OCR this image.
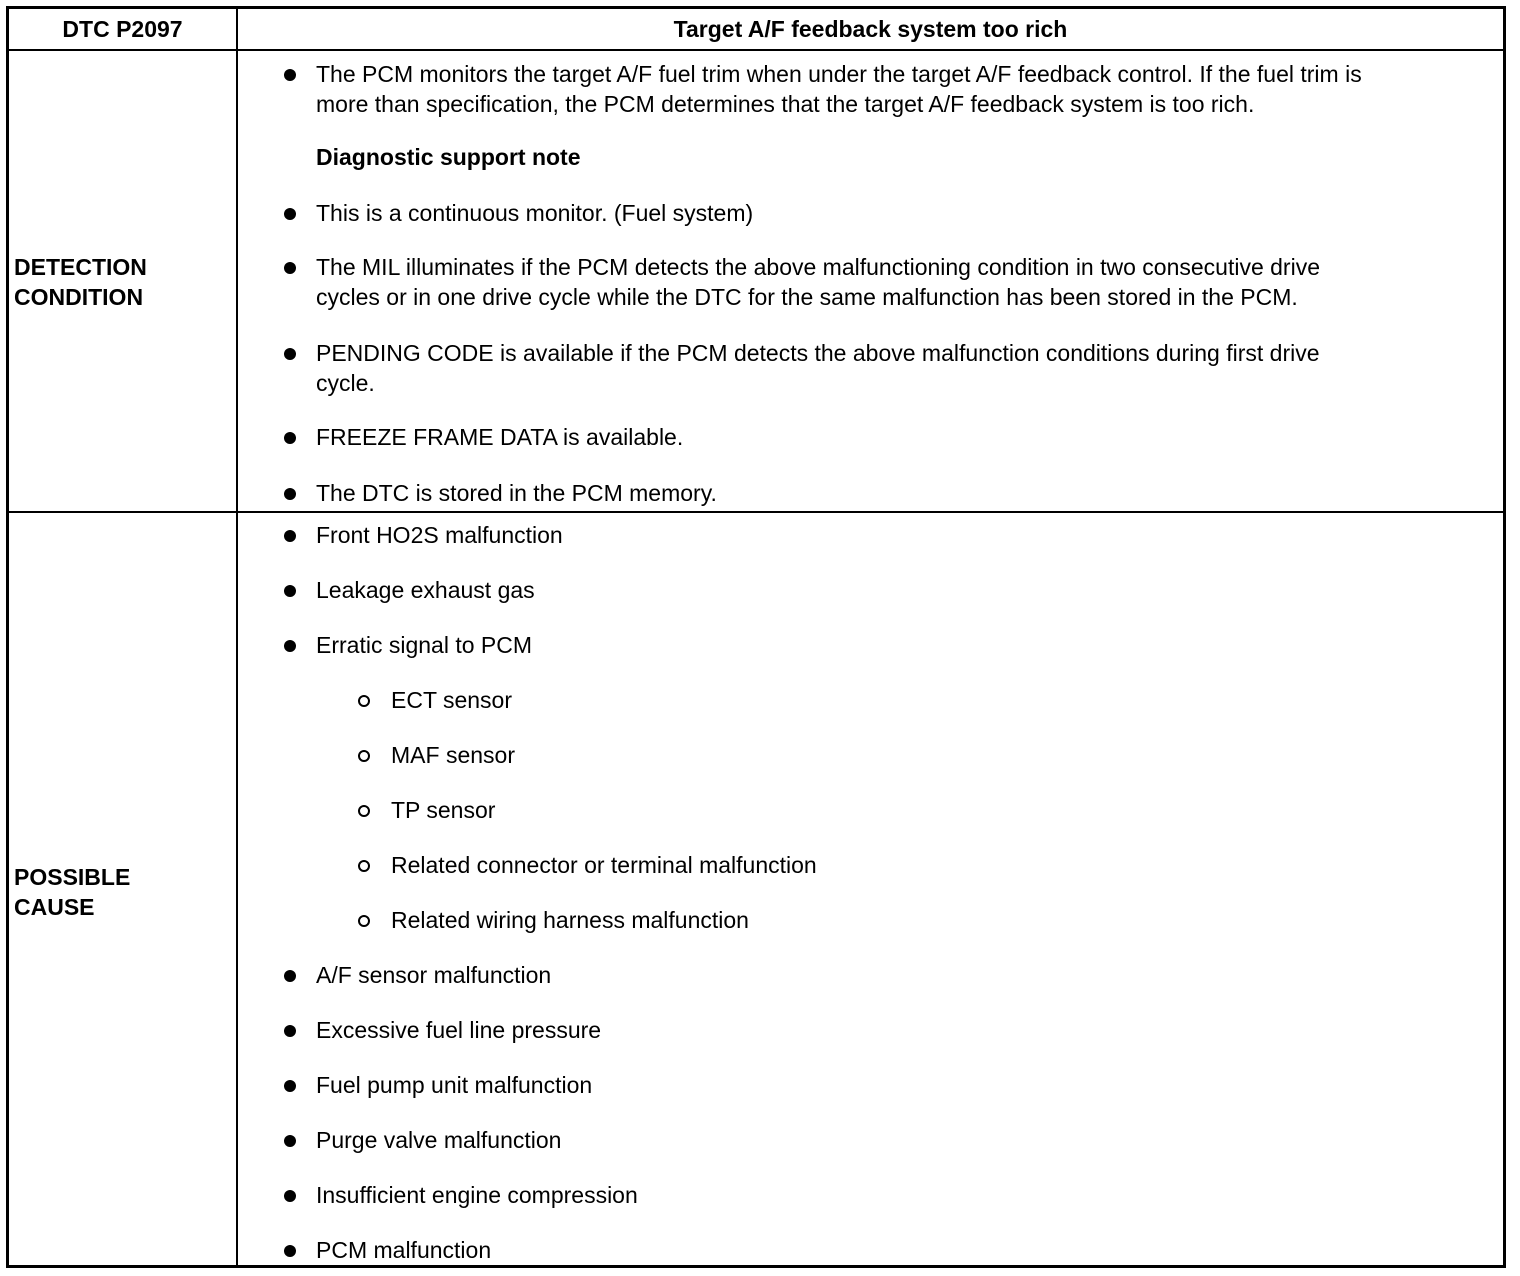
DTC P2097	Target A/F feedback system too rich
DETECTION
CONDITION
The PCM monitors the target A/F fuel trim when under the target A/F feedback control. If the fuel trim is
more than specification, the PCM determines that the target A/F feedback system is too rich.
Diagnostic support note
This is a continuous monitor. (Fuel system)
The MIL illuminates if the PCM detects the above malfunctioning condition in two consecutive drive
cycles or in one drive cycle while the DTC for the same malfunction has been stored in the PCM.
PENDING CODE is available if the PCM detects the above malfunction conditions during first drive
cycle.
FREEZE FRAME DATA is available.
The DTC is stored in the PCM memory.
POSSIBLE
CAUSE
Front HO2S malfunction
Leakage exhaust gas
Erratic signal to PCM
ECT sensor
MAF sensor
TP sensor
Related connector or terminal malfunction
Related wiring harness malfunction
A/F sensor malfunction
Excessive fuel line pressure
Fuel pump unit malfunction
Purge valve malfunction
Insufficient engine compression
PCM malfunction
